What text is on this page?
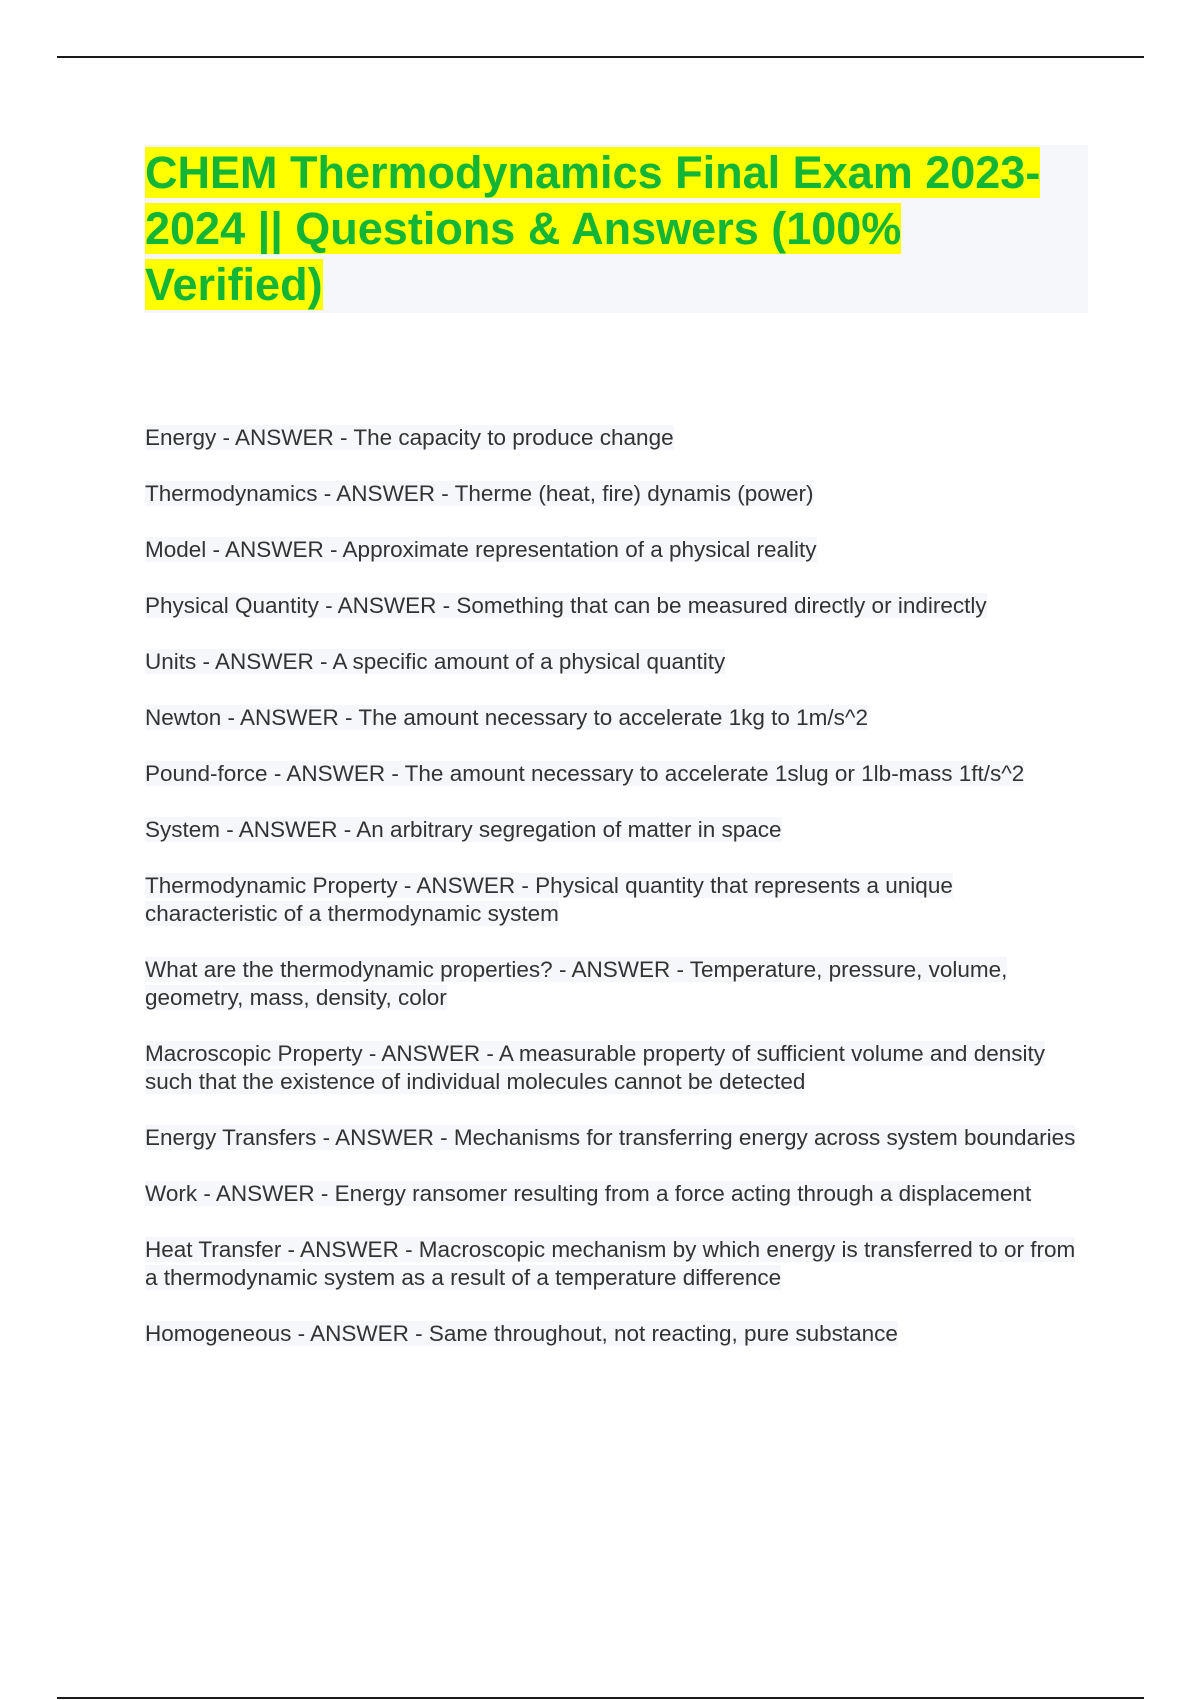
CHEM Thermodynamics Final Exam 2023-2024 || Questions & Answers (100% Verified)
Energy - ANSWER - The capacity to produce change
Thermodynamics - ANSWER - Therme (heat, fire) dynamis (power)
Model - ANSWER - Approximate representation of a physical reality
Physical Quantity - ANSWER - Something that can be measured directly or indirectly
Units - ANSWER - A specific amount of a physical quantity
Newton - ANSWER - The amount necessary to accelerate 1kg to 1m/s^2
Pound-force - ANSWER - The amount necessary to accelerate 1slug or 1lb-mass 1ft/s^2
System - ANSWER - An arbitrary segregation of matter in space
Thermodynamic Property - ANSWER - Physical quantity that represents a unique characteristic of a thermodynamic system
What are the thermodynamic properties? - ANSWER - Temperature, pressure, volume, geometry, mass, density, color
Macroscopic Property - ANSWER - A measurable property of sufficient volume and density such that the existence of individual molecules cannot be detected
Energy Transfers - ANSWER - Mechanisms for transferring energy across system boundaries
Work - ANSWER - Energy ransomer resulting from a force acting through a displacement
Heat Transfer - ANSWER - Macroscopic mechanism by which energy is transferred to or from a thermodynamic system as a result of a temperature difference
Homogeneous - ANSWER - Same throughout, not reacting, pure substance
